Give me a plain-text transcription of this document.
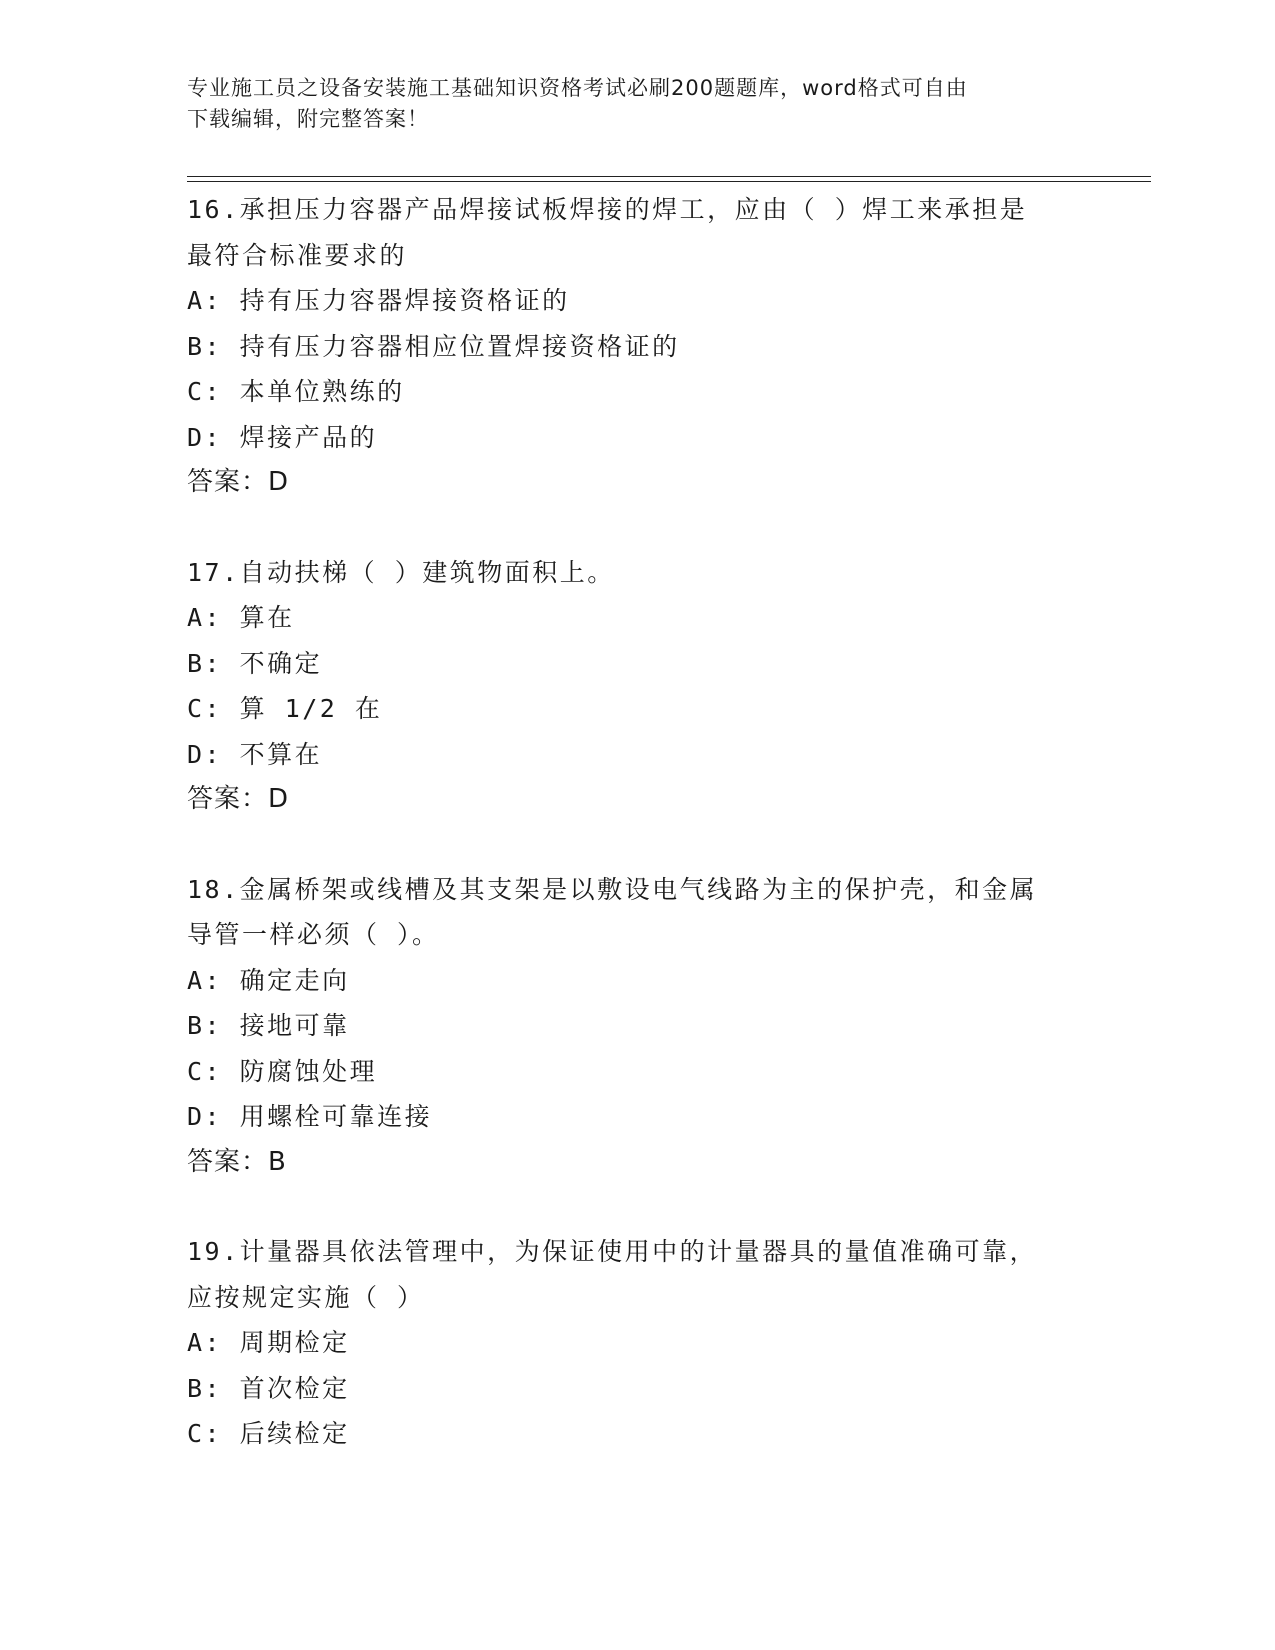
专业施工员之设备安装施工基础知识资格考试必刷200题题库，word格式可自由
下载编辑，附完整答案！

16.承担压力容器产品焊接试板焊接的焊工，应由（ ）焊工来承担是

最符合标准要求的

A: 持有压力容器焊接资格证的

B: 持有压力容器相应位置焊接资格证的

C: 本单位熟练的

D: 焊接产品的

答案：D

17.自动扶梯（ ）建筑物面积上。

A: 算在

B: 不确定

C: 算 1/2 在

D: 不算在

答案：D

18.金属桥架或线槽及其支架是以敷设电气线路为主的保护壳，和金属

导管一样必须（ ）。

A: 确定走向

B: 接地可靠

C: 防腐蚀处理

D: 用螺栓可靠连接

答案：B

19.计量器具依法管理中，为保证使用中的计量器具的量值准确可靠，

应按规定实施（ ）

A: 周期检定

B: 首次检定

C: 后续检定
